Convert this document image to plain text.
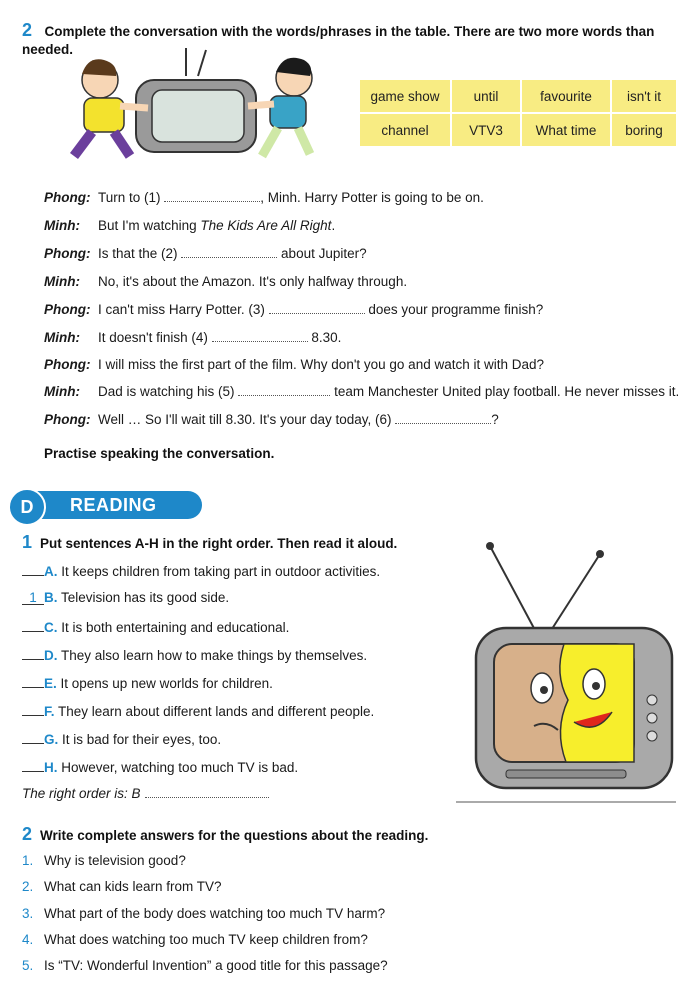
2 Complete the conversation with the words/phrases in the table. There are two more words than needed.
game show	until	favourite	isn't it
channel	VTV3	What time	boring
Phong: Turn to (1)	, Minh. Harry Potter is going to be on.
Minh: But I'm watching The Kids Are All Right.
Phong: Is that the (2)	about Jupiter?
Minh: No, it's about the Amazon. It's only halfway through.
Phong: I can't miss Harry Potter. (3)	does your programme finish?
Minh: It doesn't finish (4)	8.30.
Phong: I will miss the first part of the film. Why don't you go and watch it with Dad?
Minh: Dad is watching his (5)	team Manchester United play football. He never misses it.
Phong: Well … So I'll wait till 8.30. It's your day today, (6)	?
Practise speaking the conversation.
D	READING
1 Put sentences A-H in the right order. Then read it aloud.
A. It keeps children from taking part in outdoor activities.
1 B. Television has its good side.
C. It is both entertaining and educational.
D. They also learn how to make things by themselves.
E. It opens up new worlds for children.
F. They learn about different lands and different people.
G. It is bad for their eyes, too.
H. However, watching too much TV is bad.
The right order is: B
2 Write complete answers for the questions about the reading.
1. Why is television good?
2. What can kids learn from TV?
3. What part of the body does watching too much TV harm?
4. What does watching too much TV keep children from?
5. Is “TV: Wonderful Invention” a good title for this passage?
